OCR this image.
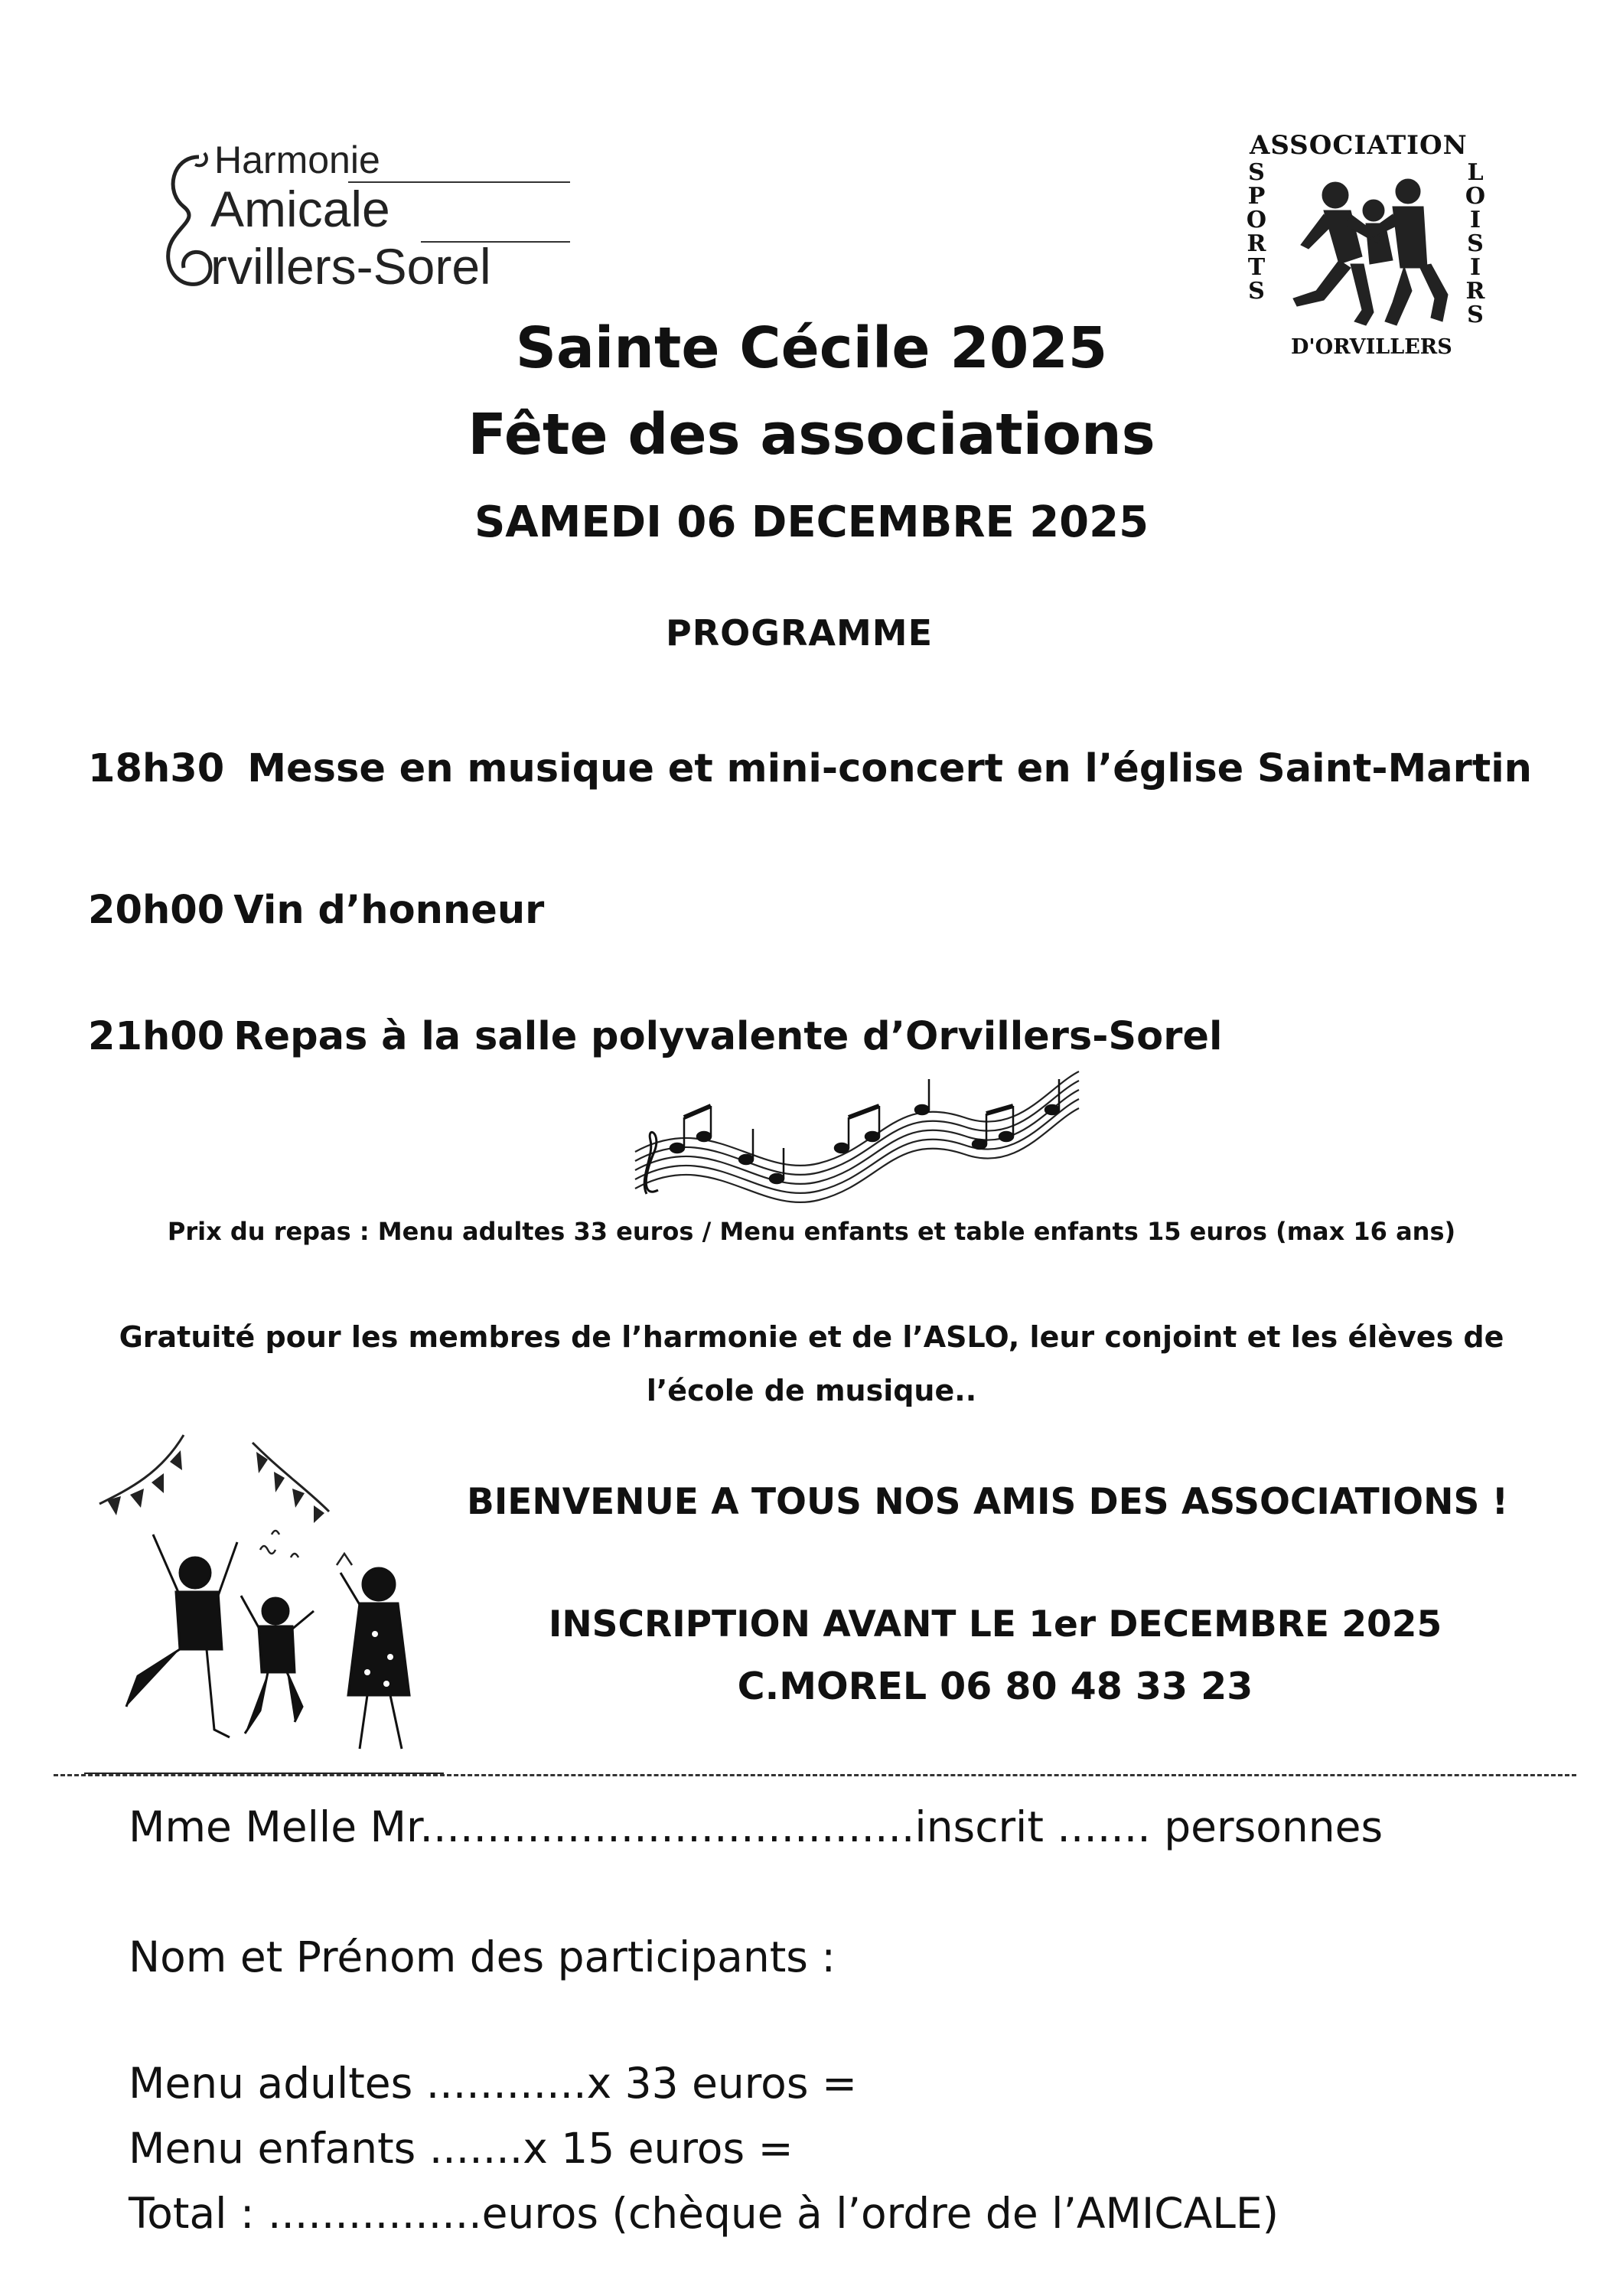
Harmonie
Amicale
rvillers-Sorel
ASSOCIATION
S
P
O
R
T
S
L
O
I
S
I
R
S
D'ORVILLERS
Sainte Cécile 2025
Fête des associations
SAMEDI 06 DECEMBRE 2025
PROGRAMME
18h30 Messe en musique et mini-concert en l’église Saint-Martin
20h00 Vin d’honneur
21h00 Repas à la salle polyvalente d’Orvillers-Sorel
Prix du repas : Menu adultes 33 euros / Menu enfants et table enfants 15 euros (max 16 ans)
Gratuité pour les membres de l’harmonie et de l’ASLO, leur conjoint et les élèves de
l’école de musique..
BIENVENUE A TOUS NOS AMIS DES ASSOCIATIONS !
INSCRIPTION AVANT LE 1er DECEMBRE 2025
C.MOREL 06 80 48 33 23
Mme Melle Mr.....................................inscrit ....... personnes
Nom et Prénom des participants :
Menu adultes ............x 33 euros =
Menu enfants .......x 15 euros =
Total : ................euros (chèque à l’ordre de l’AMICALE)
